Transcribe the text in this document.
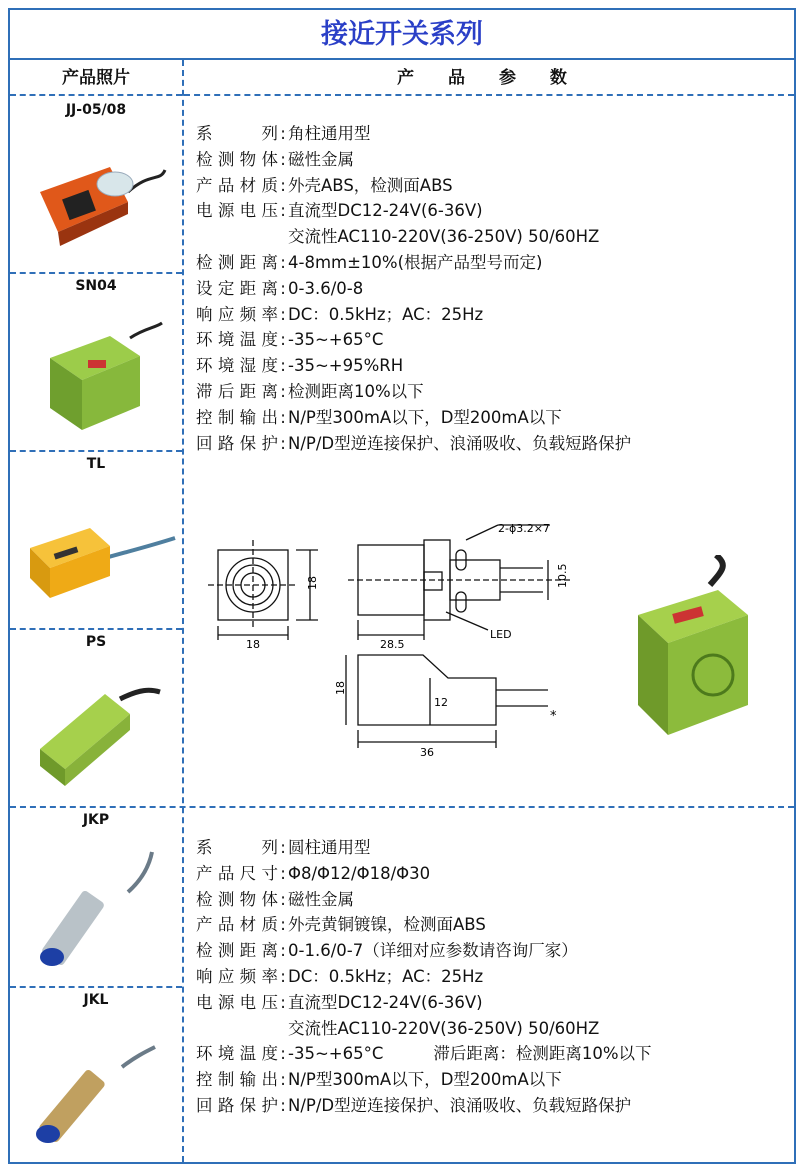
接近开关系列
产品照片	产 品 参 数
JJ-05/08
SN04
TL
PS
JKP
JKL
系 列 : 角柱通用型
检测物体 : 磁性金属
产品材质 : 外壳ABS，检测面ABS
电源电压 : 直流型DC12-24V(6-36V)
交流性AC110-220V(36-250V) 50/60HZ
检测距离 : 4-8mm±10%(根据产品型号而定)
设定距离 : 0-3.6/0-8
响应频率 : DC：0.5kHz；AC：25Hz
环境温度 : -35~+65°C
环境湿度 : -35~+95%RH
滞后距离 : 检测距离10%以下
控制输出 : N/P型300mA以下，D型200mA以下
回路保护 : N/P/D型逆连接保护、浪涌吸收、负载短路保护
18
18	28.5
10.5
2-ϕ3.2×7
LED
18
12
36
*
系 列 : 圆柱通用型
产品尺寸 : Φ8/Φ12/Φ18/Φ30
检测物体 : 磁性金属
产品材质 : 外壳黄铜镀镍，检测面ABS
检测距离 : 0-1.6/0-7（详细对应参数请咨询厂家）
响应频率 : DC：0.5kHz；AC：25Hz
电源电压 : 直流型DC12-24V(6-36V)
交流性AC110-220V(36-250V) 50/60HZ
环境温度 : -35~+65°C	滞后距离：检测距离10%以下
控制输出 : N/P型300mA以下，D型200mA以下
回路保护 : N/P/D型逆连接保护、浪涌吸收、负载短路保护
